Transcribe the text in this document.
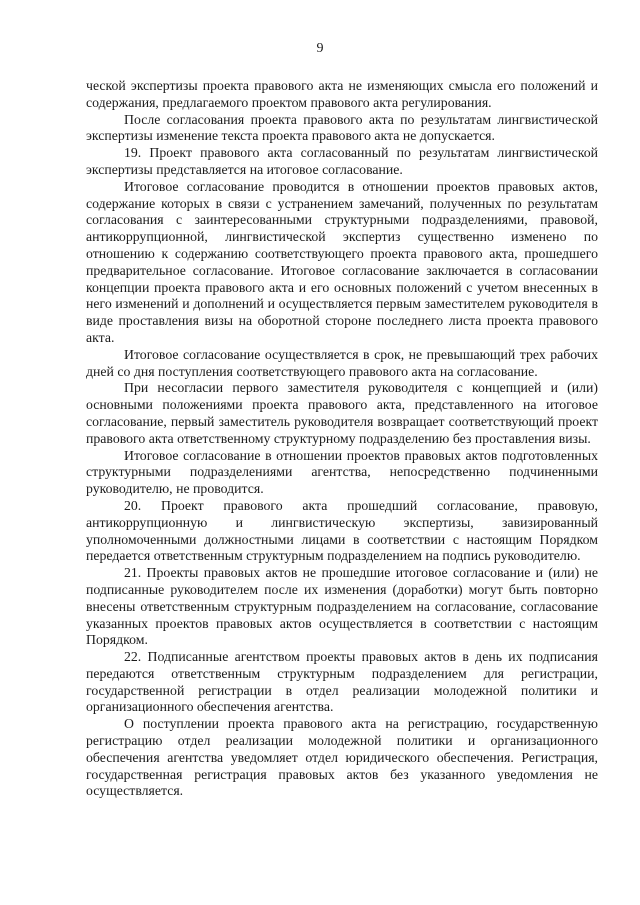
9

ческой экспертизы проекта правового акта не изменяющих смысла его положений и содержания, предлагаемого проектом правового акта регулирования.

После согласования проекта правового акта по результатам лингвистической экспертизы изменение текста проекта правового акта не допускается.

19. Проект правового акта согласованный по результатам лингвистической экспертизы представляется на итоговое согласование.

Итоговое согласование проводится в отношении проектов правовых актов, содержание которых в связи с устранением замечаний, полученных по результатам согласования с заинтересованными структурными подразделениями, правовой, антикоррупционной, лингвистической экспертиз существенно изменено по отношению к содержанию соответствующего проекта правового акта, прошедшего предварительное согласование. Итоговое согласование заключается в согласовании концепции проекта правового акта и его основных положений с учетом внесенных в него изменений и дополнений и осуществляется первым заместителем руководителя в виде проставления визы на оборотной стороне последнего листа проекта правового акта.

Итоговое согласование осуществляется в срок, не превышающий трех рабочих дней со дня поступления соответствующего правового акта на согласование.

При несогласии первого заместителя руководителя с концепцией и (или) основными положениями проекта правового акта, представленного на итоговое согласование, первый заместитель руководителя возвращает соответствующий проект правового акта ответственному структурному подразделению без проставления визы.

Итоговое согласование в отношении проектов правовых актов подготовленных структурными подразделениями агентства, непосредственно подчиненными руководителю, не проводится.

20. Проект правового акта прошедший согласование, правовую, антикоррупционную и лингвистическую экспертизы, завизированный уполномоченными должностными лицами в соответствии с настоящим Порядком передается ответственным структурным подразделением на подпись руководителю.

21. Проекты правовых актов не прошедшие итоговое согласование и (или) не подписанные руководителем после их изменения (доработки) могут быть повторно внесены ответственным структурным подразделением на согласование, согласование указанных проектов правовых актов осуществляется в соответствии с настоящим Порядком.

22. Подписанные агентством проекты правовых актов в день их подписания передаются ответственным структурным подразделением для регистрации, государственной регистрации в отдел реализации молодежной политики и организационного обеспечения агентства.

О поступлении проекта правового акта на регистрацию, государственную регистрацию отдел реализации молодежной политики и организационного обеспечения агентства уведомляет отдел юридического обеспечения. Регистрация, государственная регистрация правовых актов без указанного уведомления не осуществляется.
